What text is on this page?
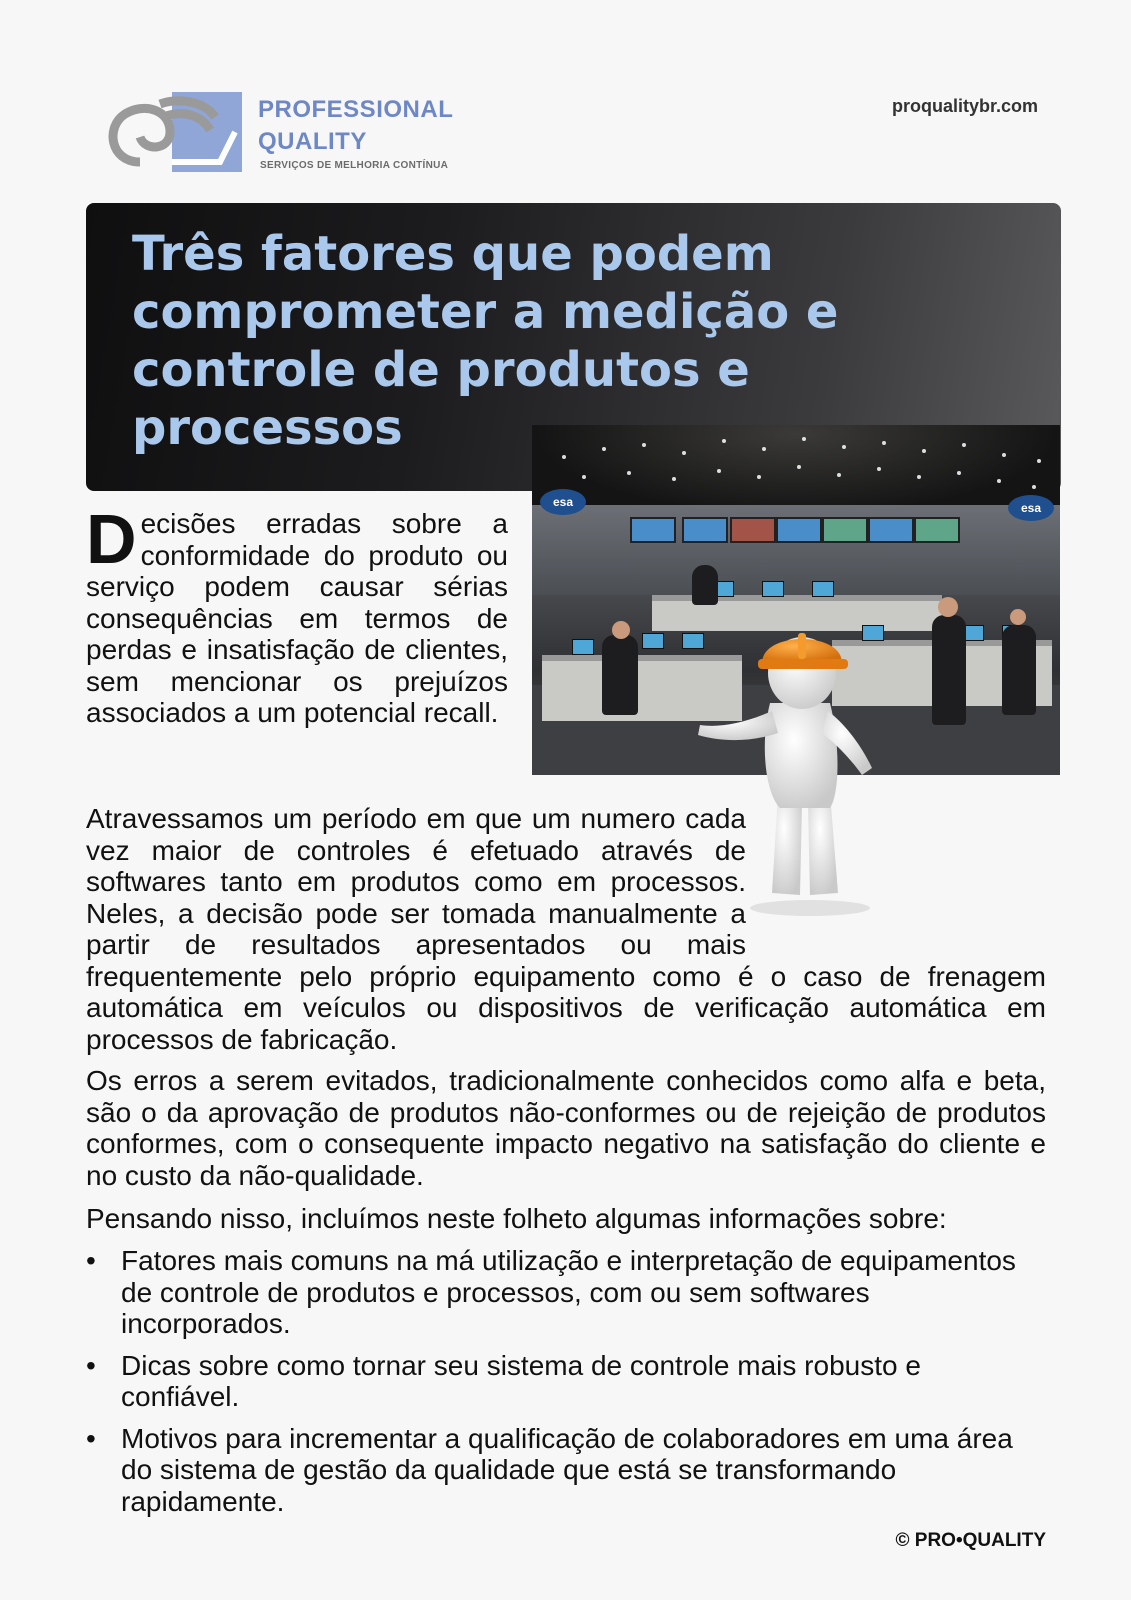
PROFESSIONAL
QUALITY
SERVIÇOS DE MELHORIA CONTÍNUA
proqualitybr.com
Três fatores que podem comprometer a medição e controle de produtos e processos
esa	esa

Decisões erradas sobre a conformidade do produto ou serviço podem causar sérias consequências em termos de perdas e insatisfação de clientes, sem mencionar os prejuízos associados a um potencial recall.

Atravessamos um período em que um numero cada vez maior de controles é efetuado através de softwares tanto em produtos como em processos. Neles, a decisão pode ser tomada manualmente a partir de resultados apresentados ou mais frequentemente pelo próprio equipamento como é o caso de frenagem automática em veículos ou dispositivos de verificação automática em processos de fabricação.

Os erros a serem evitados, tradicionalmente conhecidos como alfa e beta, são o da aprovação de produtos não-conformes ou de rejeição de produtos conformes, com o consequente impacto negativo na satisfação do cliente e no custo da não-qualidade.

Pensando nisso, incluímos neste folheto algumas informações sobre:

• Fatores mais comuns na má utilização e interpretação de equipamentos de controle de produtos e processos, com ou sem softwares incorporados.
• Dicas sobre como tornar seu sistema de controle mais robusto e confiável.
• Motivos para incrementar a qualificação de colaboradores em uma área do sistema de gestão da qualidade que está se transformando rapidamente.
© PRO•QUALITY
